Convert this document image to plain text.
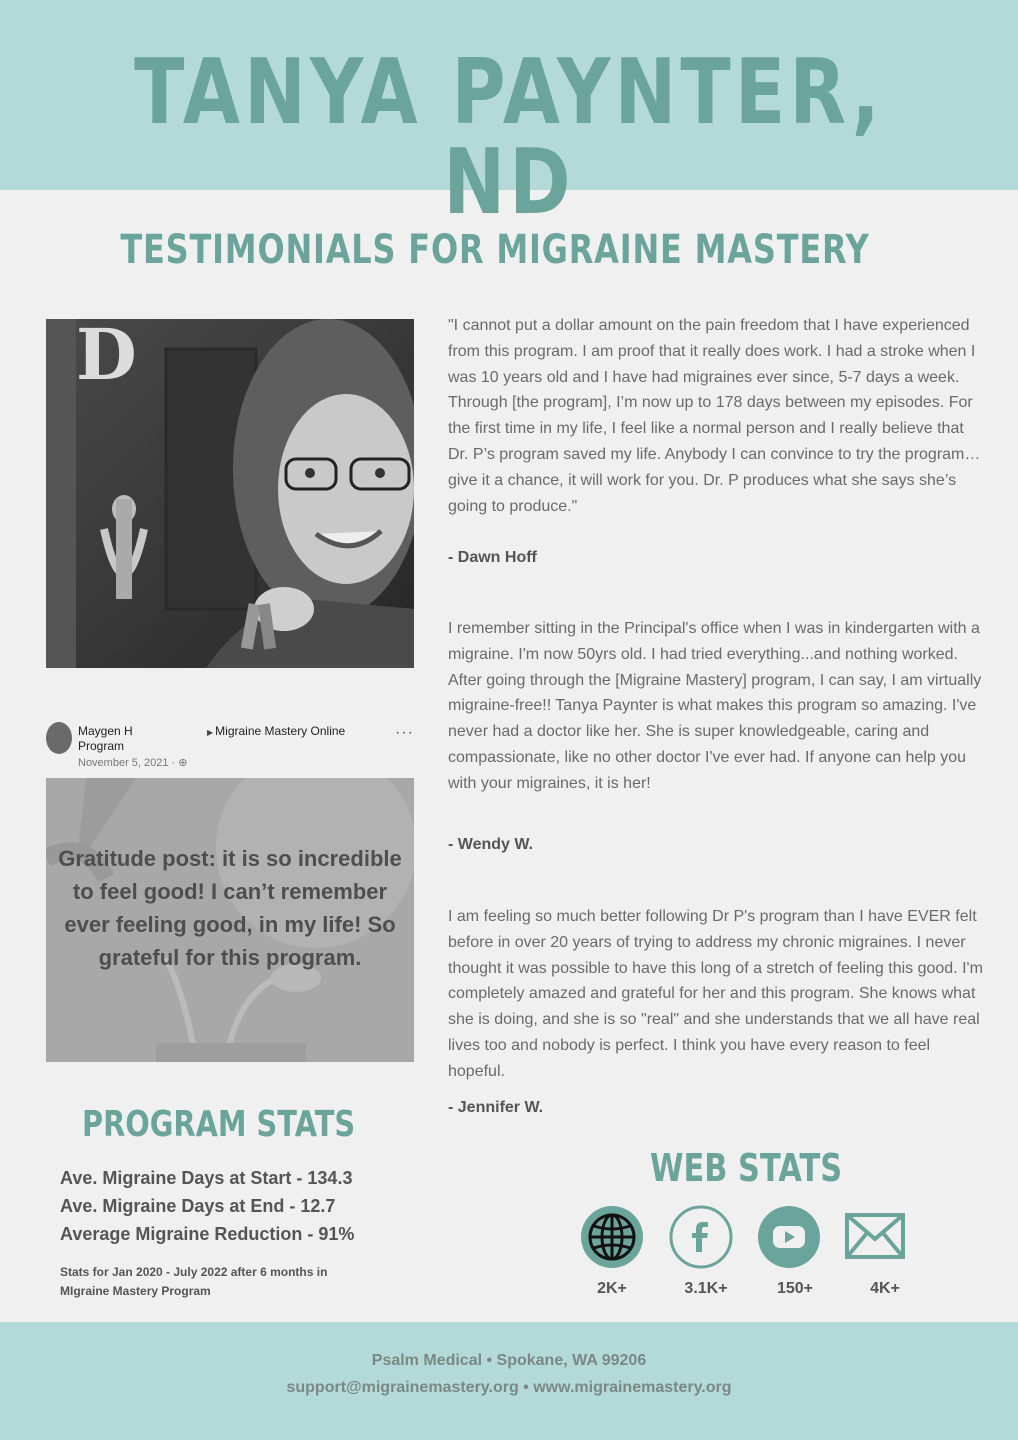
TANYA PAYNTER, ND
TESTIMONIALS FOR MIGRAINE MASTERY
D
Maygen H
Program
▶ Migraine Mastery Online
November 5, 2021 · ⊕
···
Gratitude post: it is so incredible to feel good! I can’t remember ever feeling good, in my life! So grateful for this program.
PROGRAM STATS
Ave. Migraine Days at Start - 134.3
Ave. Migraine Days at End - 12.7
Average Migraine Reduction - 91%
Stats for Jan 2020 - July 2022 after 6 months in MIgraine Mastery Program
"I cannot put a dollar amount on the pain freedom that I have experienced from this program. I am proof that it really does work. I had a stroke when I was 10 years old and I have had migraines ever since, 5-7 days a week. Through [the program], I’m now up to 178 days between my episodes. For the first time in my life, I feel like a normal person and I really believe that Dr. P’s program saved my life. Anybody I can convince to try the program… give it a chance, it will work for you. Dr. P produces what she says she’s going to produce."
- Dawn Hoff
I remember sitting in the Principal's office when I was in kindergarten with a migraine. I'm now 50yrs old. I had tried everything...and nothing worked. After going through the [Migraine Mastery] program, I can say, I am virtually migraine-free!! Tanya Paynter is what makes this program so amazing. I've never had a doctor like her. She is super knowledgeable, caring and compassionate, like no other doctor I've ever had. If anyone can help you with your migraines, it is her!
- Wendy W.
I am feeling so much better following Dr P's program than I have EVER felt before in over 20 years of trying to address my chronic migraines. I never thought it was possible to have this long of a stretch of feeling this good. I'm completely amazed and grateful for her and this program. She knows what she is doing, and she is so "real" and she understands that we all have real lives too and nobody is perfect. I think you have every reason to feel hopeful.
- Jennifer W.
WEB STATS
2K+	3.1K+	150+	4K+
Psalm Medical • Spokane, WA 99206
support@migrainemastery.org • www.migrainemastery.org
